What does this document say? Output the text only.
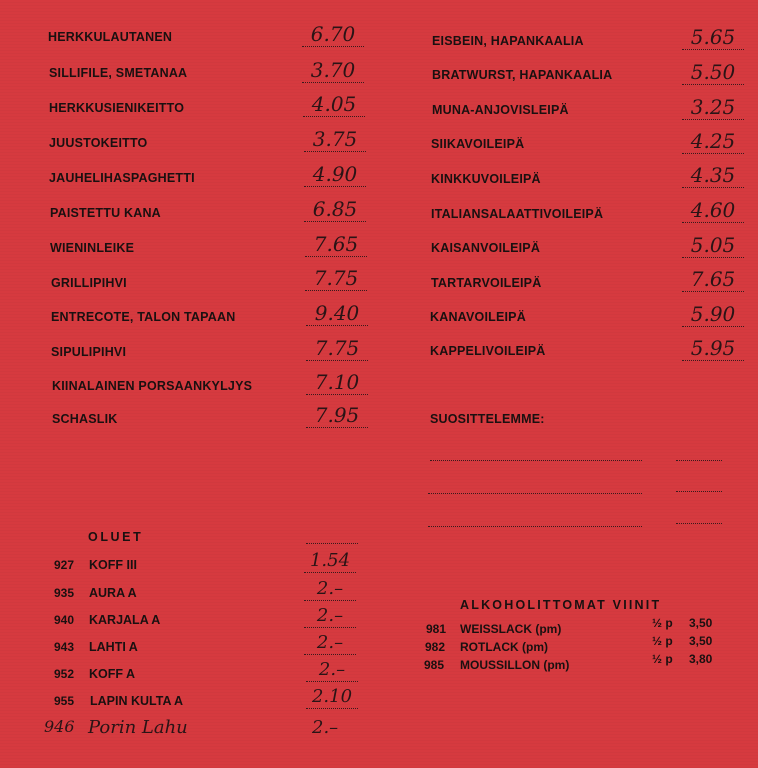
HERKKULAUTANEN	6.70
SILLIFILE, SMETANAA	3.70
HERKKUSIENIKEITTO	4.05
JUUSTOKEITTO	3.75
JAUHELIHASPAGHETTI	4.90
PAISTETTU KANA	6.85
WIENINLEIKE	7.65
GRILLIPIHVI	7.75
ENTRECOTE, TALON TAPAAN	9.40
SIPULIPIHVI	7.75
KIINALAINEN PORSAANKYLJYS	7.10
SCHASLIK	7.95
EISBEIN, HAPANKAALIA	5.65
BRATWURST, HAPANKAALIA	5.50
MUNA-ANJOVISLEIPÄ	3.25
SIIKAVOILEIPÄ	4.25
KINKKUVOILEIPÄ	4.35
ITALIANSALAATTIVOILEIPÄ	4.60
KAISANVOILEIPÄ	5.05
TARTARVOILEIPÄ	7.65
KANAVOILEIPÄ	5.90
KAPPELIVOILEIPÄ	5.95
SUOSITTELEMME:
OLUET
927 KOFF III	1.54
935 AURA A	2.–
940 KARJALA A	2.–
943 LAHTI A	2.–
952 KOFF A	2.–
955 LAPIN KULTA A	2.10
946 Porin Lahu	2.–
ALKOHOLITTOMAT VIINIT
981 WEISSLACK (pm)	½ p 3,50
982 ROTLACK (pm)	½ p 3,50
985 MOUSSILLON (pm)	½ p 3,80
